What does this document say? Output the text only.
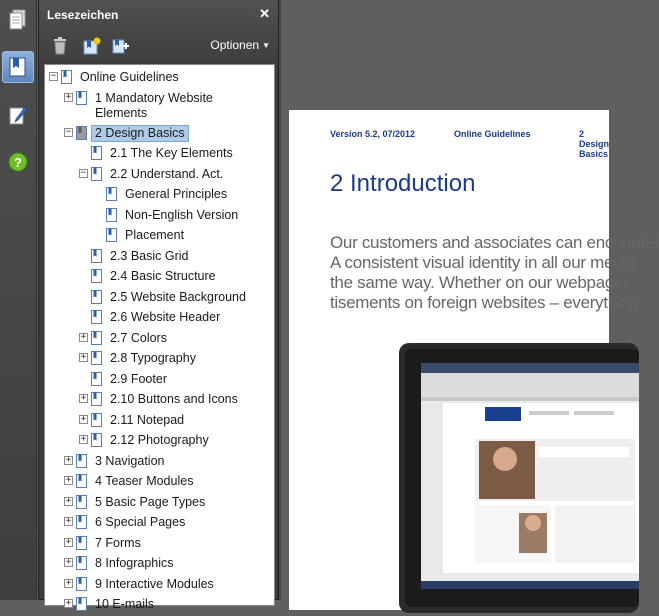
?
Lesezeichen	✕
Optionen ▼
− Online Guidelines
+ 1 Mandatory Website
Elements
−	2 Design Basics
2.1 The Key Elements
− 2.2 Understand. Act.
General Principles
Non-English Version
Placement
2.3 Basic Grid
2.4 Basic Structure
2.5 Website Background
2.6 Website Header
+ 2.7 Colors
+ 2.8 Typography
2.9 Footer
+ 2.10 Buttons and Icons
+ 2.11 Notepad
+ 2.12 Photography
+ 3 Navigation
+ 4 Teaser Modules
+ 5 Basic Page Types
+ 6 Special Pages
+ 7 Forms
+ 8 Infographics
+ 9 Interactive Modules
+ 10 E-mails
Version 5.2, 07/2012	Online Guidelines	2 Design Basics
2 Introduction
Our customers and associates can encounter
A consistent visual identity in all our media
the same way. Whether on our webpages
tisements on foreign websites – everything
